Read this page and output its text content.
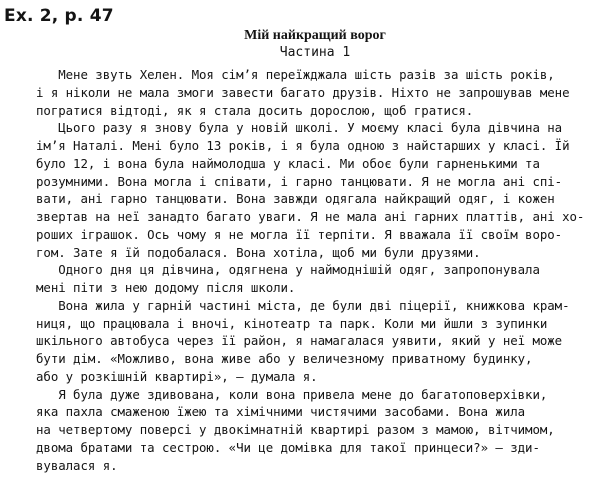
Ex. 2, p. 47
Мій найкращий ворог
Частина 1
Мене звуть Хелен. Моя сім’я переїжджала шість разів за шість років,
і я ніколи не мала змоги завести багато друзів. Ніхто не запрошував мене
погратися відтоді, як я стала досить дорослою, щоб гратися.
Цього разу я знову була у новій школі. У моєму класі була дівчина на
ім’я Наталі. Мені було 13 років, і я була одною з найстарших у класі. Їй
було 12, і вона була наймолодша у класі. Ми обоє були гарненькими та
розумними. Вона могла і співати, і гарно танцювати. Я не могла ані спі-
вати, ані гарно танцювати. Вона завжди одягала найкращий одяг, і кожен
звертав на неї занадто багато уваги. Я не мала ані гарних платтів, ані хо-
роших іграшок. Ось чому я не могла її терпіти. Я вважала її своїм воро-
гом. Зате я їй подобалася. Вона хотіла, щоб ми були друзями.
Одного дня ця дівчина, одягнена у наймоднішій одяг, запропонувала
мені піти з нею додому після школи.
Вона жила у гарній частині міста, де були дві піцерії, книжкова крам-
ниця, що працювала і вночі, кінотеатр та парк. Коли ми йшли з зупинки
шкільного автобуса через її район, я намагалася уявити, який у неї може
бути дім. «Можливо, вона живе або у величезному приватному будинку,
або у розкішній квартирі», — думала я.
Я була дуже здивована, коли вона привела мене до багатоповерхівки,
яка пахла смаженою їжею та хімічними чистячими засобами. Вона жила
на четвертому поверсі у двокімнатній квартирі разом з мамою, вітчимом,
двома братами та сестрою. «Чи це домівка для такої принцеси?» — зди-
вувалася я.
